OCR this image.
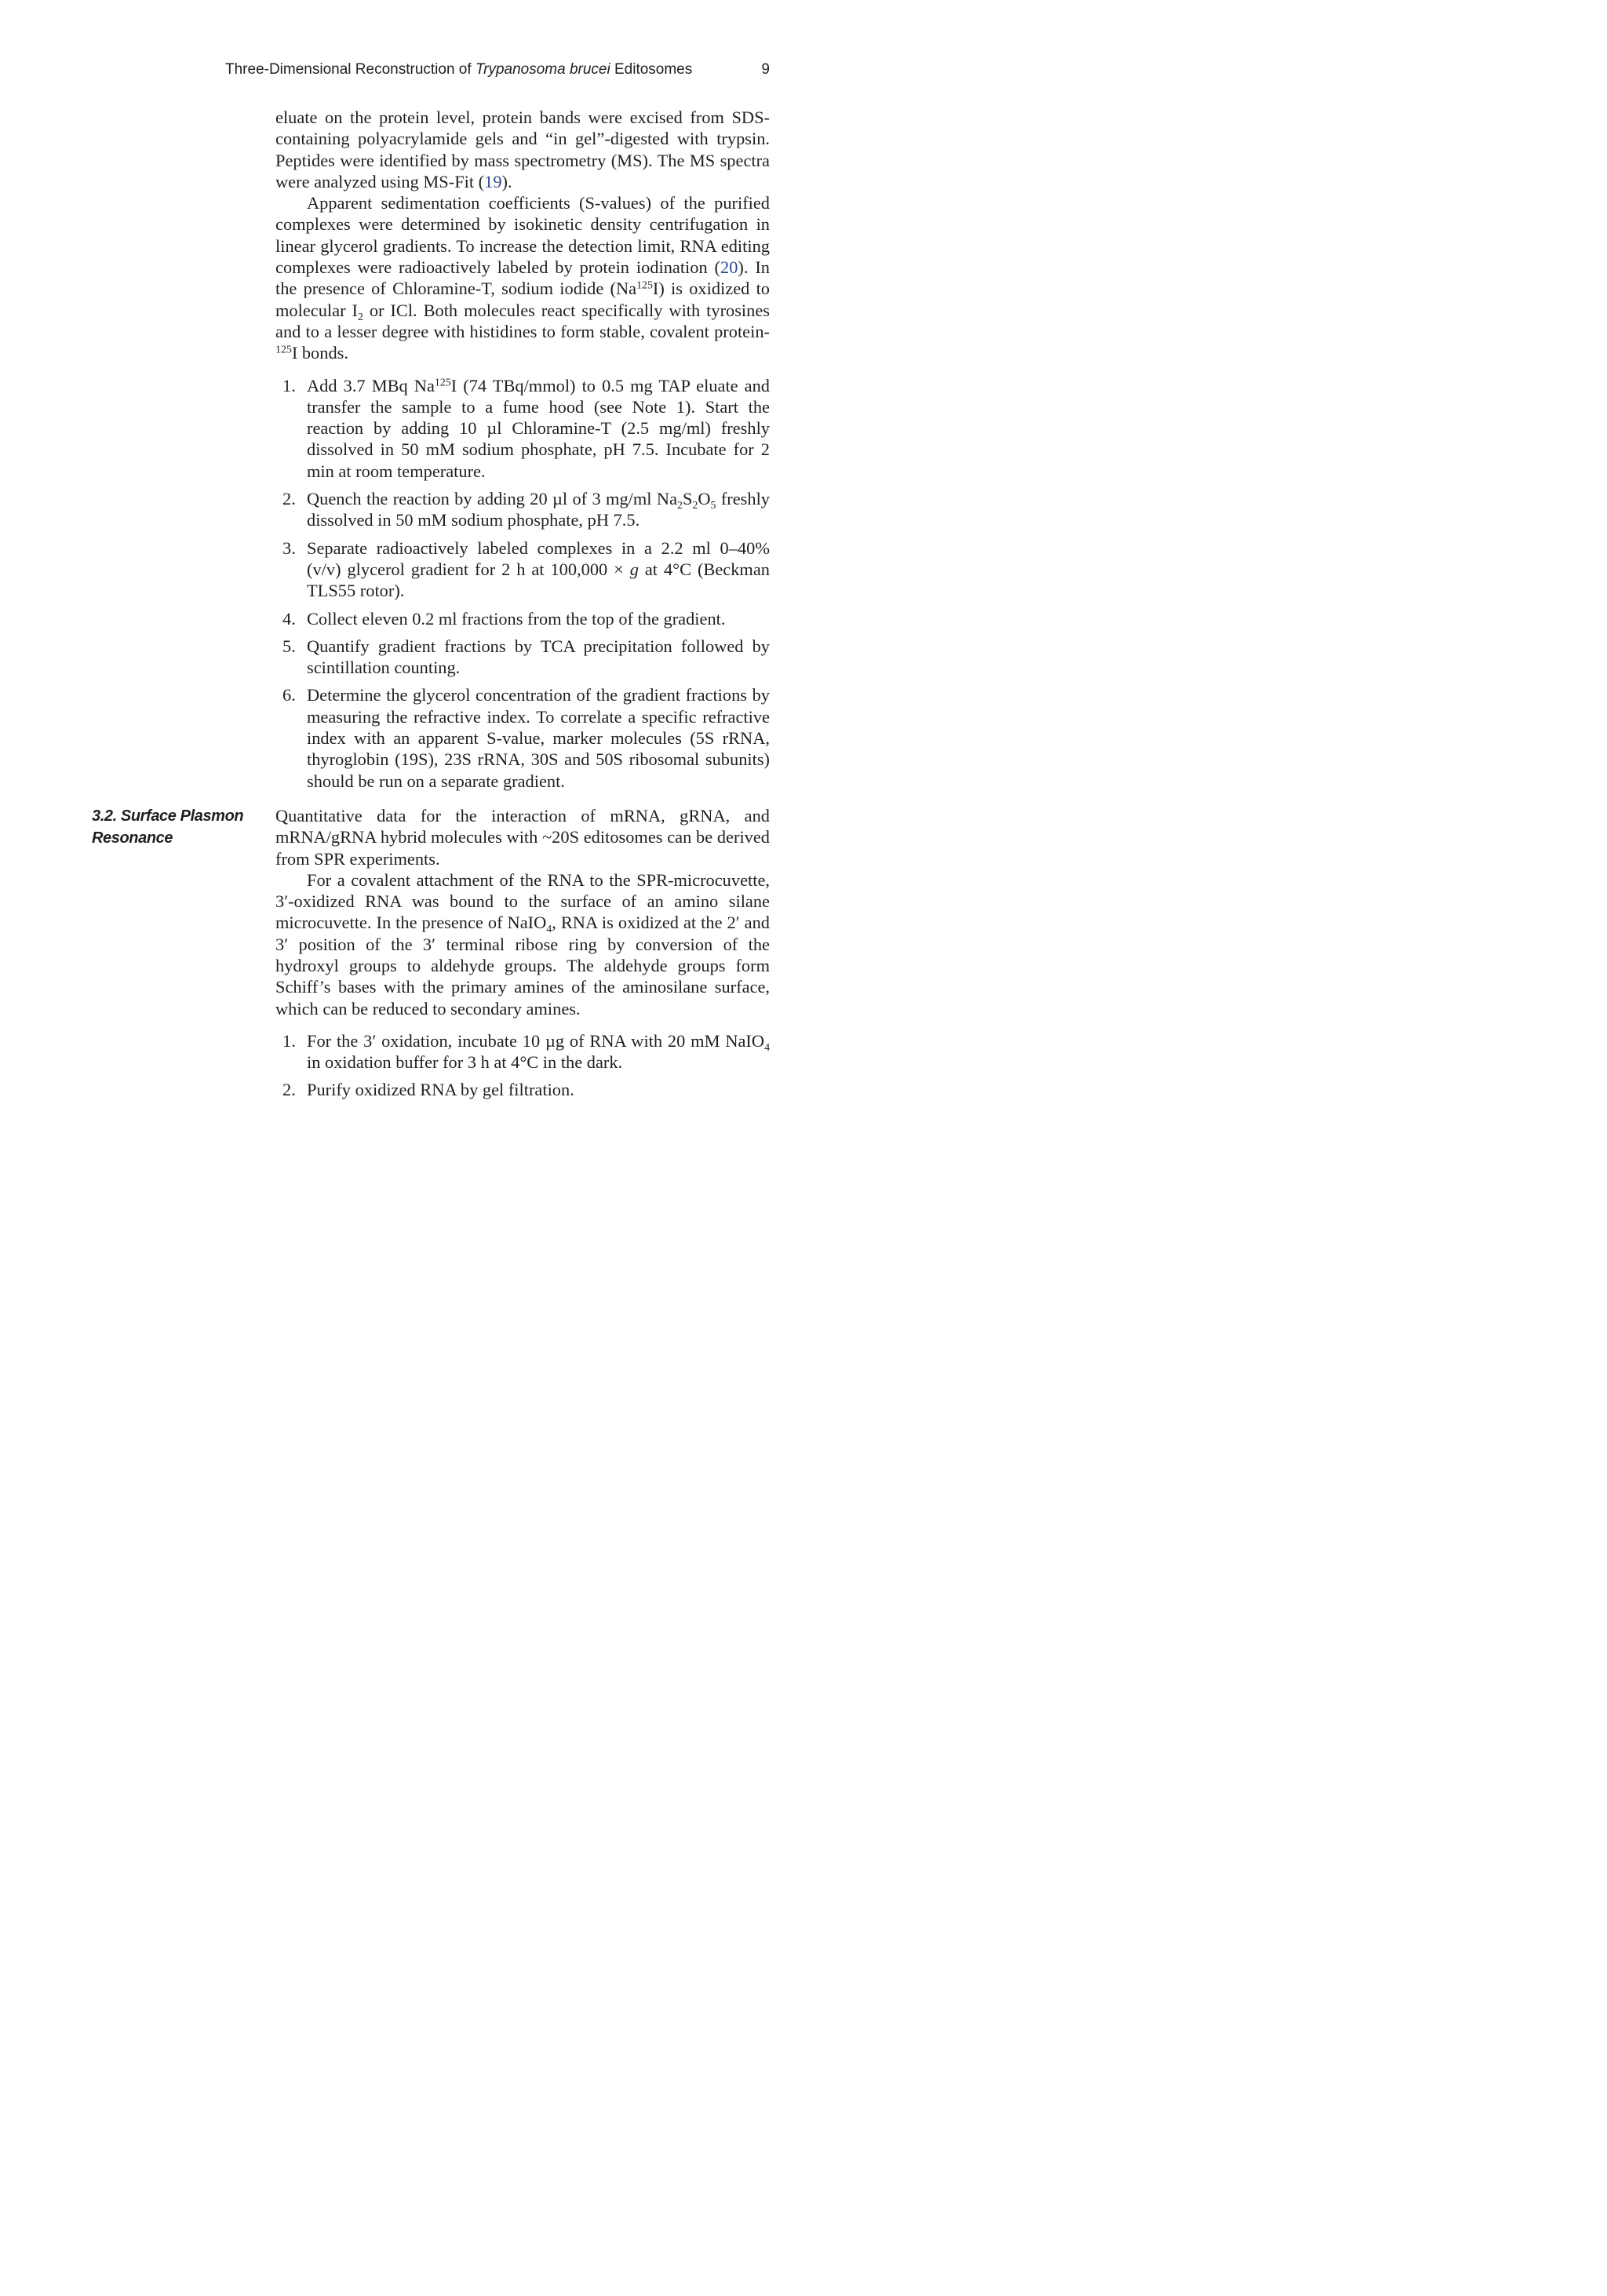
Three-Dimensional Reconstruction of Trypanosoma brucei Editosomes	9

eluate on the protein level, protein bands were excised from SDS-containing polyacrylamide gels and “in gel”-digested with trypsin. Peptides were identified by mass spectrometry (MS). The MS spectra were analyzed using MS-Fit (19).

Apparent sedimentation coefficients (S-values) of the purified complexes were determined by isokinetic density centrifugation in linear glycerol gradients. To increase the detection limit, RNA editing complexes were radioactively labeled by protein iodination (20). In the presence of Chloramine-T, sodium iodide (Na$^{125}$I) is oxidized to molecular $I_2$ or ICl. Both molecules react specifically with tyrosines and to a lesser degree with histidines to form stable, covalent protein-$^{125}$I bonds.

1. Add 3.7 MBq Na$^{125}$I (74 TBq/mmol) to 0.5 mg TAP eluate and transfer the sample to a fume hood (see Note 1). Start the reaction by adding 10 µl Chloramine-T (2.5 mg/ml) freshly dissolved in 50 mM sodium phosphate, pH 7.5. Incubate for 2 min at room temperature.
2. Quench the reaction by adding 20 µl of 3 mg/ml $Na_2S_2O_5$ freshly dissolved in 50 mM sodium phosphate, pH 7.5.
3. Separate radioactively labeled complexes in a 2.2 ml 0–40% (v/v) glycerol gradient for 2 h at 100,000 × g at 4°C (Beckman TLS55 rotor).
4. Collect eleven 0.2 ml fractions from the top of the gradient.
5. Quantify gradient fractions by TCA precipitation followed by scintillation counting.
6. Determine the glycerol concentration of the gradient fractions by measuring the refractive index. To correlate a specific refractive index with an apparent S-value, marker molecules (5S rRNA, thyroglobin (19S), 23S rRNA, 30S and 50S ribosomal subunits) should be run on a separate gradient.
3.2. Surface Plasmon
Resonance

Quantitative data for the interaction of mRNA, gRNA, and mRNA/gRNA hybrid molecules with ~20S editosomes can be derived from SPR experiments.

For a covalent attachment of the RNA to the SPR-microcuvette, 3′-oxidized RNA was bound to the surface of an amino silane microcuvette. In the presence of NaIO$_4$, RNA is oxidized at the 2′ and 3′ position of the 3′ terminal ribose ring by conversion of the hydroxyl groups to aldehyde groups. The aldehyde groups form Schiff’s bases with the primary amines of the aminosilane surface, which can be reduced to secondary amines.

1. For the 3′ oxidation, incubate 10 µg of RNA with 20 mM NaIO$_4$ in oxidation buffer for 3 h at 4°C in the dark.
2. Purify oxidized RNA by gel filtration.
